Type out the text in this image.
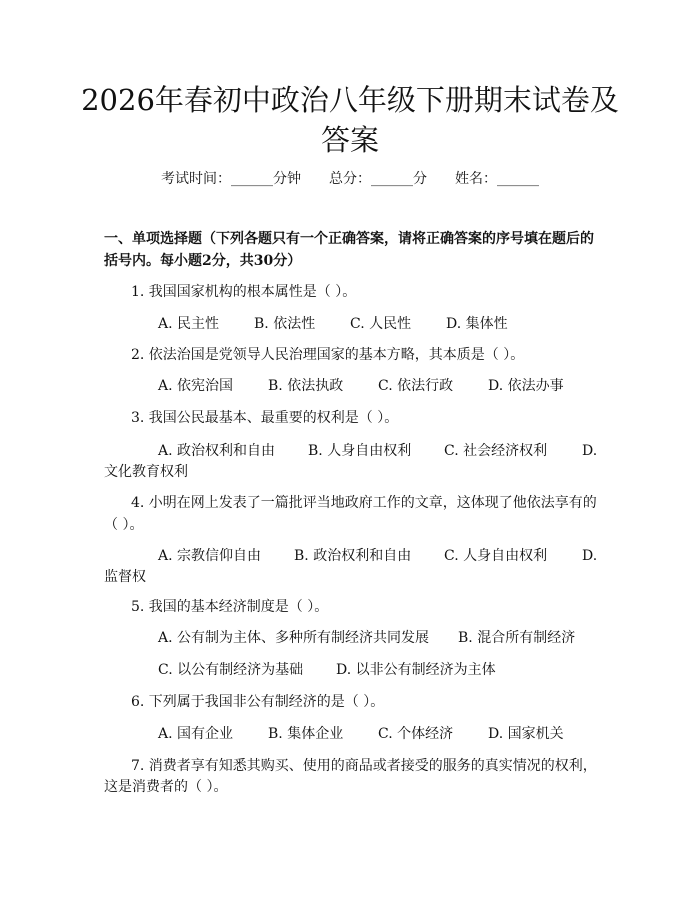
2026年春初中政治八年级下册期末试卷及答案
考试时间：______分钟 总分：______分 姓名：______

一、单项选择题（下列各题只有一个正确答案，请将正确答案的序号填在题后的括号内。每小题2分，共30分）

1. 我国国家机构的根本属性是（ ）。
A. 民主性 B. 依法性 C. 人民性 D. 集体性
2. 依法治国是党领导人民治理国家的基本方略，其本质是（ ）。
A. 依宪治国 B. 依法执政 C. 依法行政 D. 依法办事
3. 我国公民最基本、最重要的权利是（ ）。
A. 政治权利和自由 B. 人身自由权利 C. 社会经济权利 D.
文化教育权利
4. 小明在网上发表了一篇批评当地政府工作的文章，这体现了他依法享有的
（ ）。
A. 宗教信仰自由 B. 政治权利和自由 C. 人身自由权利 D.
监督权
5. 我国的基本经济制度是（ ）。
A. 公有制为主体、多种所有制经济共同发展 B. 混合所有制经济
C. 以公有制经济为基础 D. 以非公有制经济为主体
6. 下列属于我国非公有制经济的是（ ）。
A. 国有企业 B. 集体企业 C. 个体经济 D. 国家机关
7. 消费者享有知悉其购买、使用的商品或者接受的服务的真实情况的权利，
这是消费者的（ ）。
